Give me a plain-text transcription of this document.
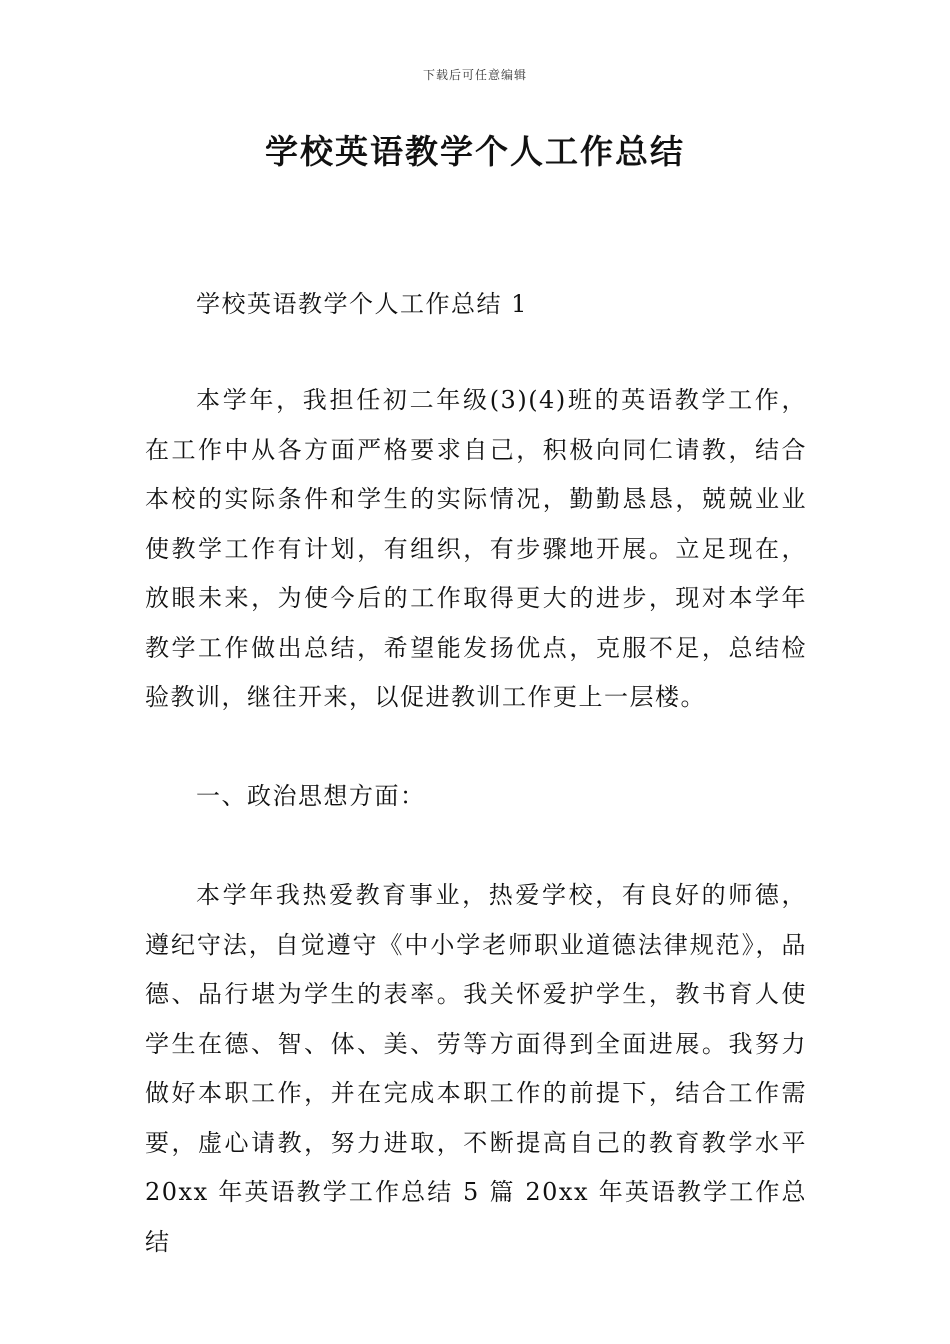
下载后可任意编辑
学校英语教学个人工作总结
学校英语教学个人工作总结 1
本学年，我担任初二年级(3)(4)班的英语教学工作，在工作中从各方面严格要求自己，积极向同仁请教，结合本校的实际条件和学生的实际情况，勤勤恳恳，兢兢业业使教学工作有计划，有组织，有步骤地开展。立足现在，放眼未来，为使今后的工作取得更大的进步，现对本学年教学工作做出总结，希望能发扬优点，克服不足，总结检验教训，继往开来，以促进教训工作更上一层楼。
一、政治思想方面：
本学年我热爱教育事业，热爱学校，有良好的师德，遵纪守法，自觉遵守《中小学老师职业道德法律规范》，品德、品行堪为学生的表率。我关怀爱护学生，教书育人使学生在德、智、体、美、劳等方面得到全面进展。我努力做好本职工作，并在完成本职工作的前提下，结合工作需要，虚心请教，努力进取，不断提高自己的教育教学水平 20xx 年英语教学工作总结 5 篇 20xx 年英语教学工作总结
